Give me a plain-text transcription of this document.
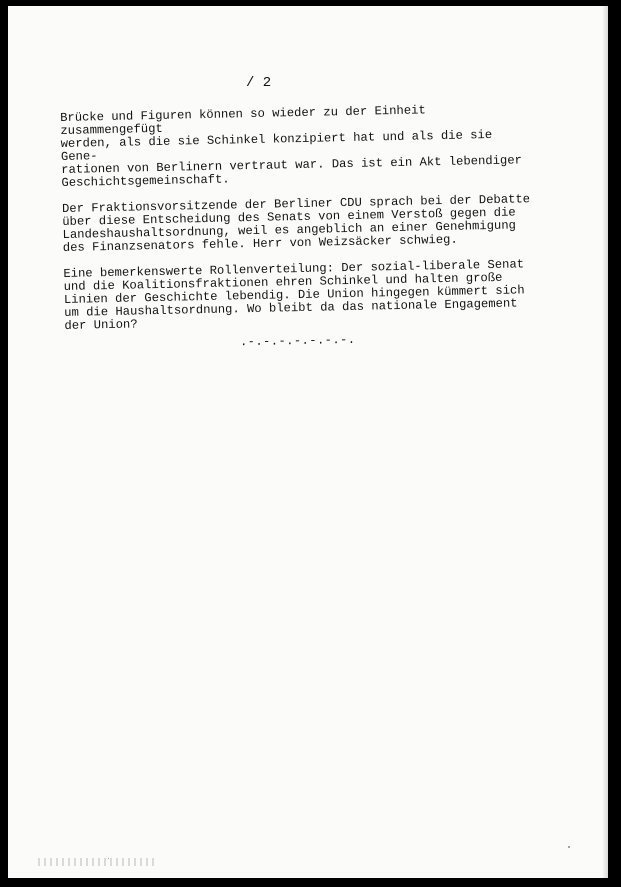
/ 2

Brücke und Figuren können so wieder zu der Einheit zusammengefügt
werden, als die sie Schinkel konzipiert hat und als die sie Gene-
rationen von Berlinern vertraut war. Das ist ein Akt lebendiger
Geschichtsgemeinschaft.

Der Fraktionsvorsitzende der Berliner CDU sprach bei der Debatte
über diese Entscheidung des Senats von einem Verstoß gegen die
Landeshaushaltsordnung, weil es angeblich an einer Genehmigung
des Finanzsenators fehle. Herr von Weizsäcker schwieg.

Eine bemerkenswerte Rollenverteilung: Der sozial-liberale Senat
und die Koalitionsfraktionen ehren Schinkel und halten große
Linien der Geschichte lebendig. Die Union hingegen kümmert sich
um die Haushaltsordnung. Wo bleibt da das nationale Engagement
der Union?

.-.-.-.-.-.-.-.
